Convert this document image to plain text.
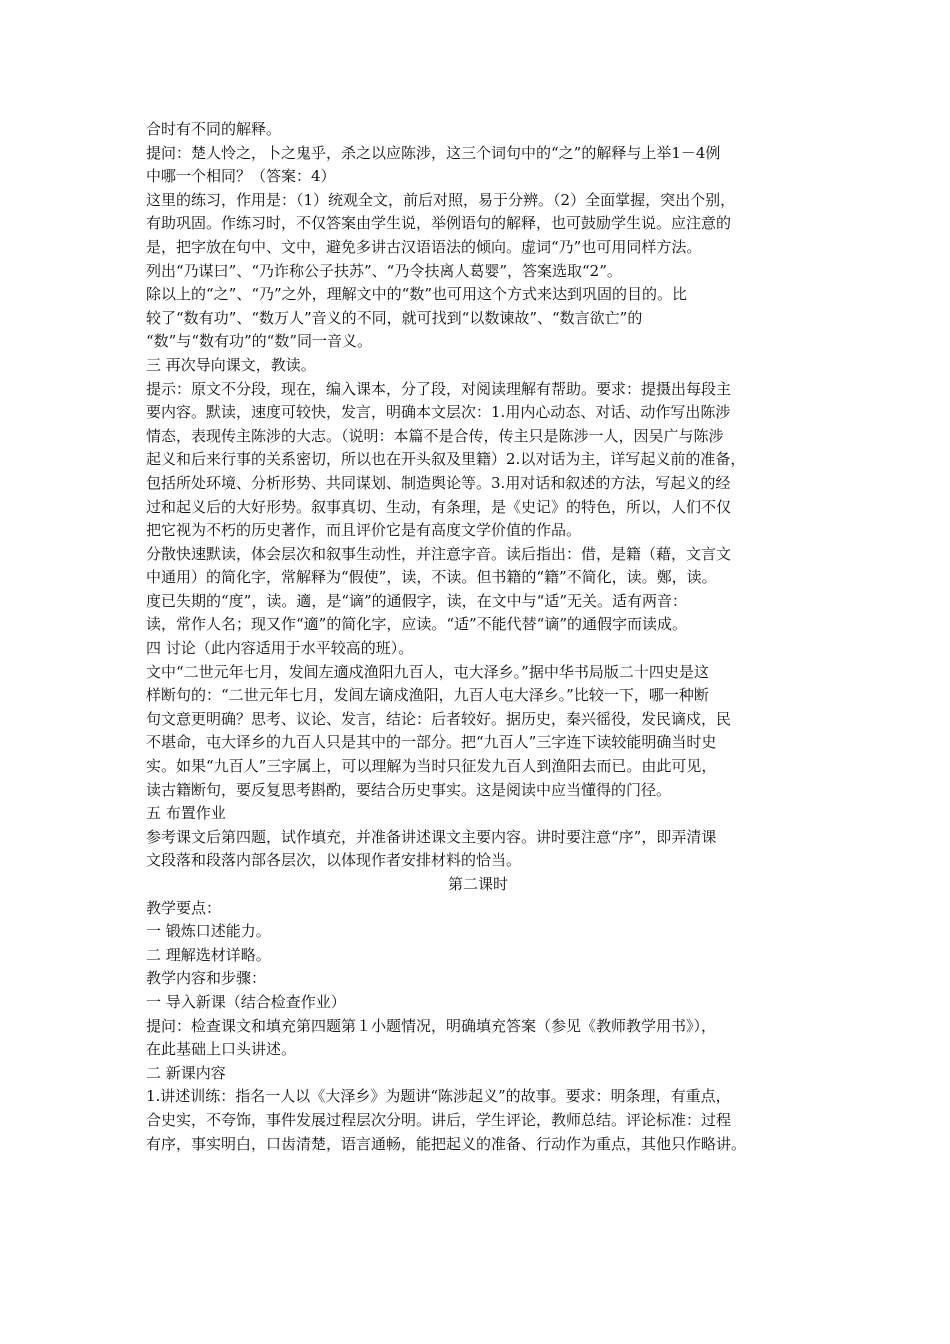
合时有不同的解释。
提问：楚人怜之，卜之鬼乎，杀之以应陈涉，这三个词句中的“之”的解释与上举1－4例
中哪一个相同？（答案：4）
这里的练习，作用是：（1）统观全文，前后对照，易于分辨。（2）全面掌握，突出个别，
有助巩固。作练习时，不仅答案由学生说，举例语句的解释，也可鼓励学生说。应注意的
是，把字放在句中、文中，避免多讲古汉语语法的倾向。虚词“乃”也可用同样方法。
列出“乃谋曰”、“乃诈称公子扶苏”、“乃令扶离人葛婴”，答案选取“2”。
除以上的“之”、“乃”之外，理解文中的“数”也可用这个方式来达到巩固的目的。比
较了“数有功”、“数万人”音义的不同，就可找到“以数谏故”、“数言欲亡”的
“数”与“数有功”的“数”同一音义。
三 再次导向课文，教读。
提示：原文不分段，现在，编入课本，分了段，对阅读理解有帮助。要求：提摄出每段主
要内容。默读，速度可较快，发言，明确本文层次：1.用内心动态、对话、动作写出陈涉
情态，表现传主陈涉的大志。（说明：本篇不是合传，传主只是陈涉一人，因吴广与陈涉
起义和后来行事的关系密切，所以也在开头叙及里籍）2.以对话为主，详写起义前的准备，
包括所处环境、分析形势、共同谋划、制造舆论等。3.用对话和叙述的方法，写起义的经
过和起义后的大好形势。叙事真切、生动，有条理，是《史记》的特色，所以，人们不仅
把它视为不朽的历史著作，而且评价它是有高度文学价值的作品。
分散快速默读，体会层次和叙事生动性，并注意字音。读后指出：借，是籍（藉，文言文
中通用）的简化字，常解释为“假使”，读，不读。但书籍的“籍”不简化，读。鄭，读。
度已失期的“度”，读。適，是“谪”的通假字，读，在文中与“适”无关。适有两音：
读，常作人名；现又作“適”的简化字，应读。“适”不能代替“谪”的通假字而读成。
四 讨论（此内容适用于水平较高的班）。
文中“二世元年七月，发闾左適戍渔阳九百人，屯大泽乡。”据中华书局版二十四史是这
样断句的：“二世元年七月，发闾左谪戍渔阳，九百人屯大泽乡。”比较一下，哪一种断
句文意更明确？思考、议论、发言，结论：后者较好。据历史，秦兴徭役，发民谪戍，民
不堪命，屯大译乡的九百人只是其中的一部分。把“九百人”三字连下读较能明确当时史
实。如果“九百人”三字属上，可以理解为当时只征发九百人到渔阳去而已。由此可见，
读古籍断句，要反复思考斟酌，要结合历史事实。这是阅读中应当懂得的门径。
五 布置作业
参考课文后第四题，试作填充，并准备讲述课文主要内容。讲时要注意“序”，即弄清课
文段落和段落内部各层次，以体现作者安排材料的恰当。
第二课时
教学要点：
一 锻炼口述能力。
二 理解选材详略。
教学内容和步骤：
一 导入新课（结合检查作业）
提问：检查课文和填充第四题第１小题情况，明确填充答案（参见《教师教学用书》），
在此基础上口头讲述。
二 新课内容
1.讲述训练：指名一人以《大泽乡》为题讲“陈涉起义”的故事。要求：明条理，有重点，
合史实，不夸饰，事件发展过程层次分明。讲后，学生评论，教师总结。评论标准：过程
有序，事实明白，口齿清楚，语言通畅，能把起义的准备、行动作为重点，其他只作略讲。
